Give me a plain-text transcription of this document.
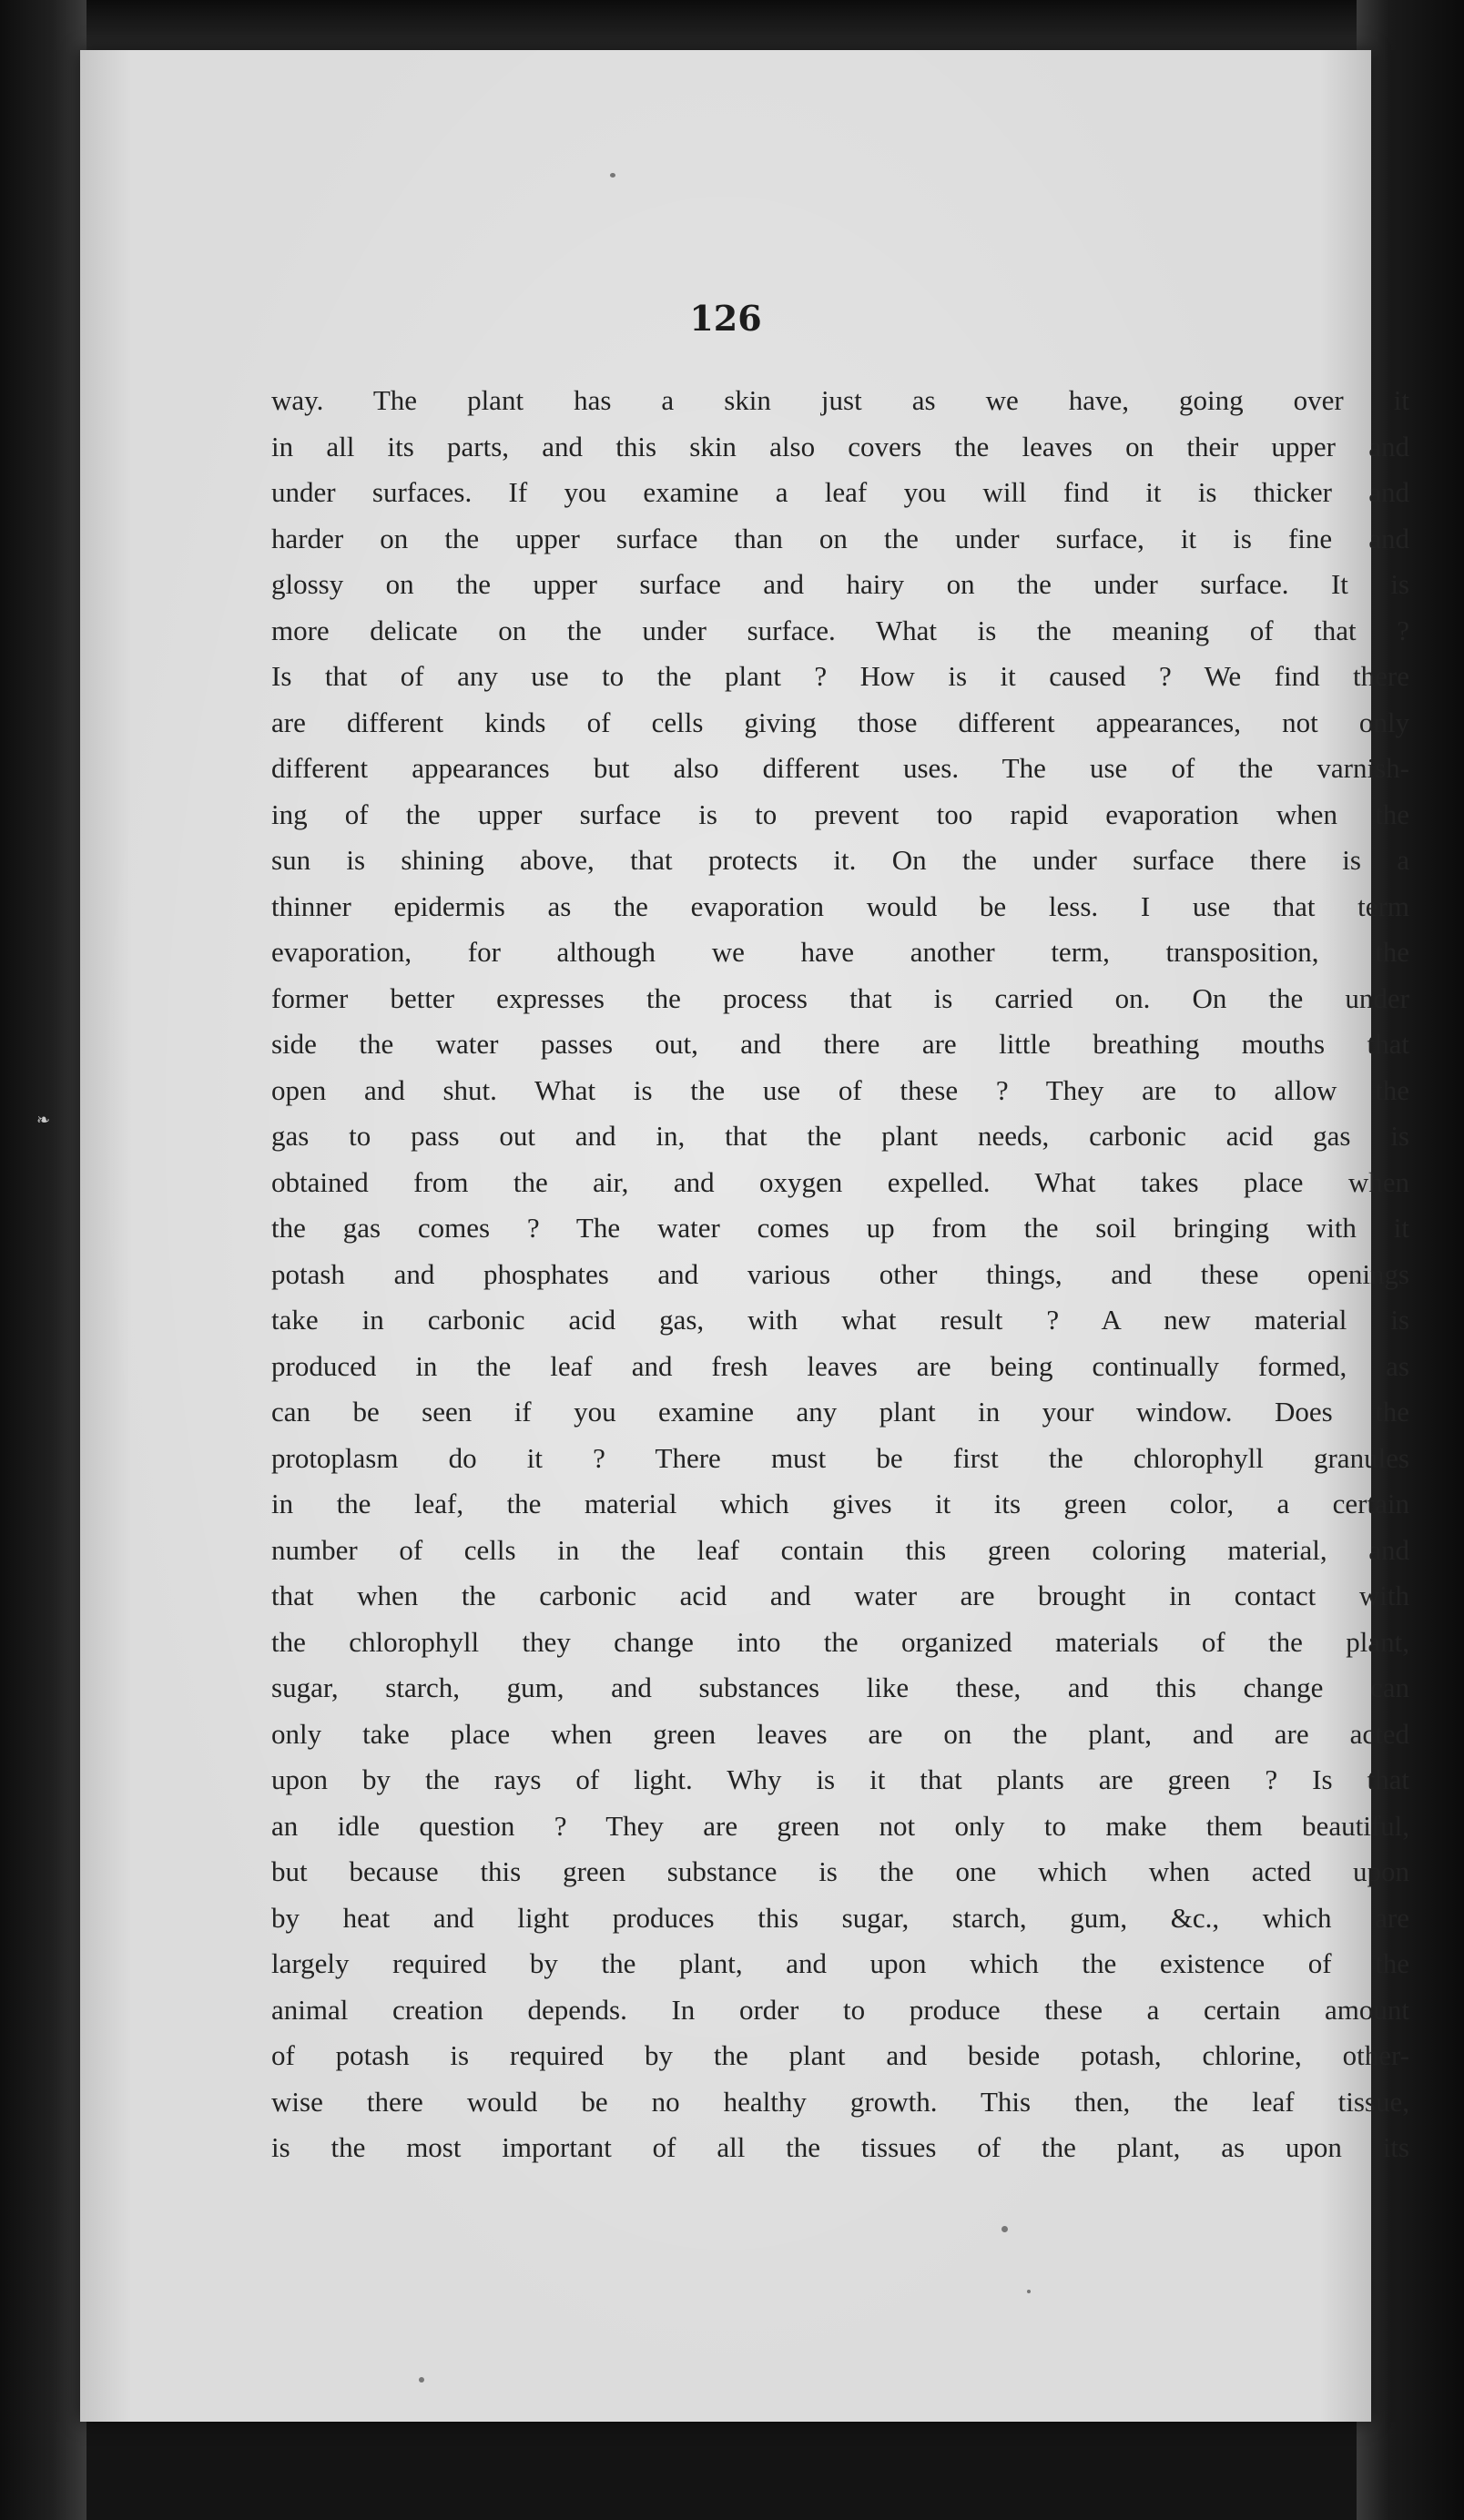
❧

126

way. The plant has a skin just as we have, going over it
in all its parts, and this skin also covers the leaves on their upper and
under surfaces. If you examine a leaf you will find it is thicker and
harder on the upper surface than on the under surface, it is fine and
glossy on the upper surface and hairy on the under surface. It is
more delicate on the under surface. What is the meaning of that ?
Is that of any use to the plant ? How is it caused ? We find there
are different kinds of cells giving those different appearances, not only
different appearances but also different uses. The use of the varnish-
ing of the upper surface is to prevent too rapid evaporation when the
sun is shining above, that protects it. On the under surface there is a
thinner epidermis as the evaporation would be less. I use that term
evaporation, for although we have another term, transposition, the
former better expresses the process that is carried on. On the under
side the water passes out, and there are little breathing mouths that
open and shut. What is the use of these ? They are to allow the
gas to pass out and in, that the plant needs, carbonic acid gas is
obtained from the air, and oxygen expelled. What takes place when
the gas comes ? The water comes up from the soil bringing with it
potash and phosphates and various other things, and these openings
take in carbonic acid gas, with what result ? A new material is
produced in the leaf and fresh leaves are being continually formed, as
can be seen if you examine any plant in your window. Does the
protoplasm do it ? There must be first the chlorophyll granules
in the leaf, the material which gives it its green color, a certain
number of cells in the leaf contain this green coloring material, and
that when the carbonic acid and water are brought in contact with
the chlorophyll they change into the organized materials of the plant,
sugar, starch, gum, and substances like these, and this change can
only take place when green leaves are on the plant, and are acted
upon by the rays of light. Why is it that plants are green ? Is that
an idle question ? They are green not only to make them beautiful,
but because this green substance is the one which when acted upon
by heat and light produces this sugar, starch, gum, &c., which are
largely required by the plant, and upon which the existence of the
animal creation depends. In order to produce these a certain amount
of potash is required by the plant and beside potash, chlorine, other-
wise there would be no healthy growth. This then, the leaf tissue,
is the most important of all the tissues of the plant, as upon its
